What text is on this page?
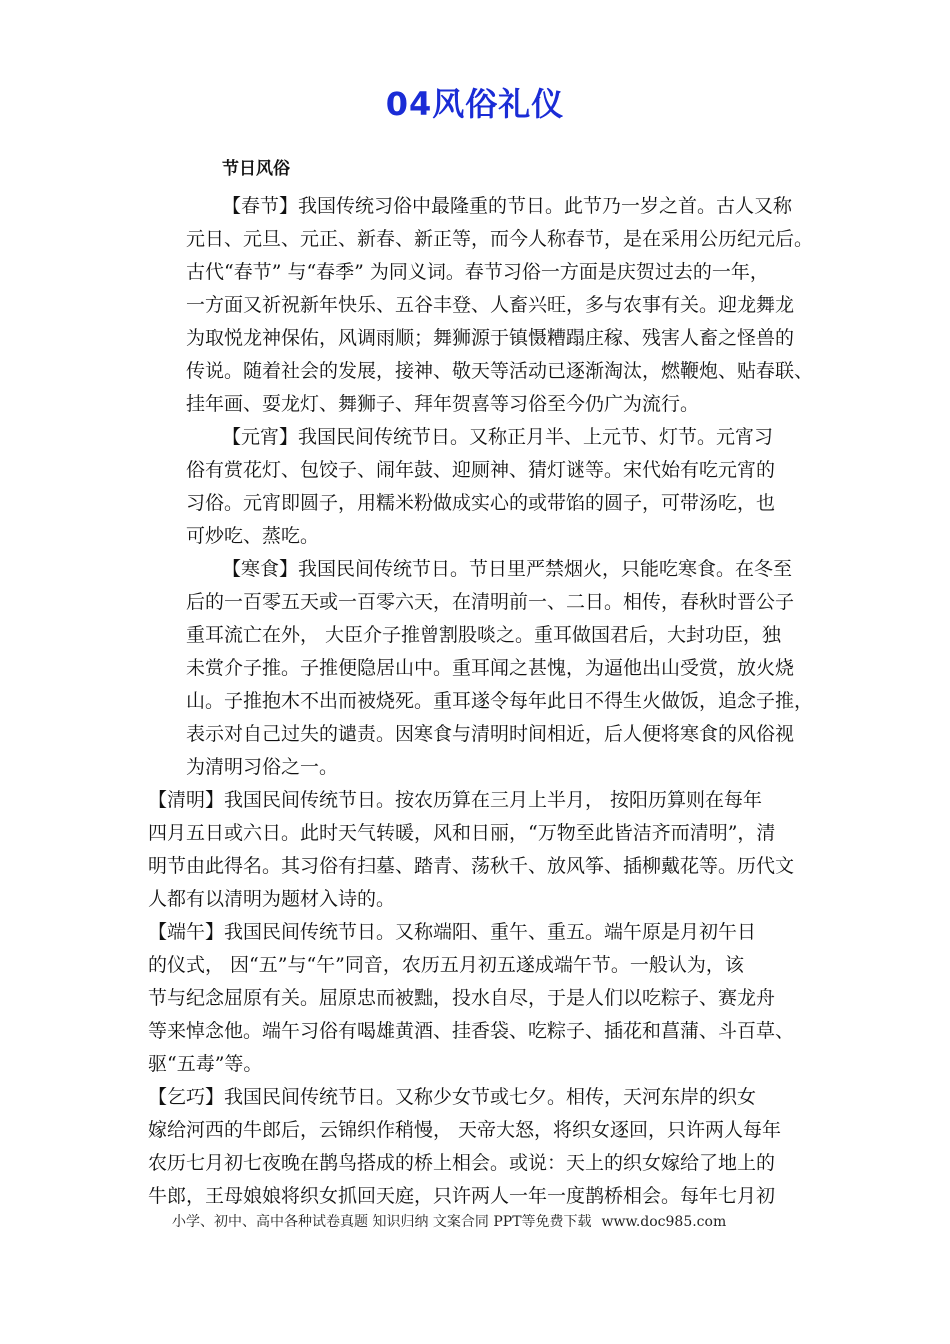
04风俗礼仪
节日风俗

【春节】我国传统习俗中最隆重的节日。此节乃一岁之首。古人又称

元日、元旦、元正、新春、新正等，而今人称春节，是在采用公历纪元后。

古代“春节” 与“春季” 为同义词。春节习俗一方面是庆贺过去的一年，

一方面又祈祝新年快乐、五谷丰登、人畜兴旺，多与农事有关。迎龙舞龙

为取悦龙神保佑，风调雨顺；舞狮源于镇慑糟蹋庄稼、残害人畜之怪兽的

传说。随着社会的发展，接神、敬天等活动已逐渐淘汰，燃鞭炮、贴春联、

挂年画、耍龙灯、舞狮子、拜年贺喜等习俗至今仍广为流行。

【元宵】我国民间传统节日。又称正月半、上元节、灯节。元宵习

俗有赏花灯、包饺子、闹年鼓、迎厕神、猜灯谜等。宋代始有吃元宵的

习俗。元宵即圆子，用糯米粉做成实心的或带馅的圆子，可带汤吃，也

可炒吃、蒸吃。

【寒食】我国民间传统节日。节日里严禁烟火，只能吃寒食。在冬至

后的一百零五天或一百零六天，在清明前一、二日。相传，春秋时晋公子

重耳流亡在外， 大臣介子推曾割股啖之。重耳做国君后，大封功臣，独

未赏介子推。子推便隐居山中。重耳闻之甚愧，为逼他出山受赏，放火烧

山。子推抱木不出而被烧死。重耳遂令每年此日不得生火做饭，追念子推，

表示对自己过失的谴责。因寒食与清明时间相近，后人便将寒食的风俗视

为清明习俗之一。

【清明】我国民间传统节日。按农历算在三月上半月， 按阳历算则在每年

四月五日或六日。此时天气转暖，风和日丽，“万物至此皆洁齐而清明”，清

明节由此得名。其习俗有扫墓、踏青、荡秋千、放风筝、插柳戴花等。历代文

人都有以清明为题材入诗的。

【端午】我国民间传统节日。又称端阳、重午、重五。端午原是月初午日

的仪式， 因“五”与“午”同音，农历五月初五遂成端午节。一般认为，该

节与纪念屈原有关。屈原忠而被黜，投水自尽，于是人们以吃粽子、赛龙舟

等来悼念他。端午习俗有喝雄黄酒、挂香袋、吃粽子、插花和菖蒲、斗百草、

驱“五毒”等。

【乞巧】我国民间传统节日。又称少女节或七夕。相传，天河东岸的织女

嫁给河西的牛郎后，云锦织作稍慢， 天帝大怒，将织女逐回，只许两人每年

农历七月初七夜晚在鹊鸟搭成的桥上相会。或说：天上的织女嫁给了地上的

牛郎，王母娘娘将织女抓回天庭，只许两人一年一度鹊桥相会。每年七月初

小学、初中、高中各种试卷真题 知识归纳 文案合同 PPT等免费下载 www.doc985.com
